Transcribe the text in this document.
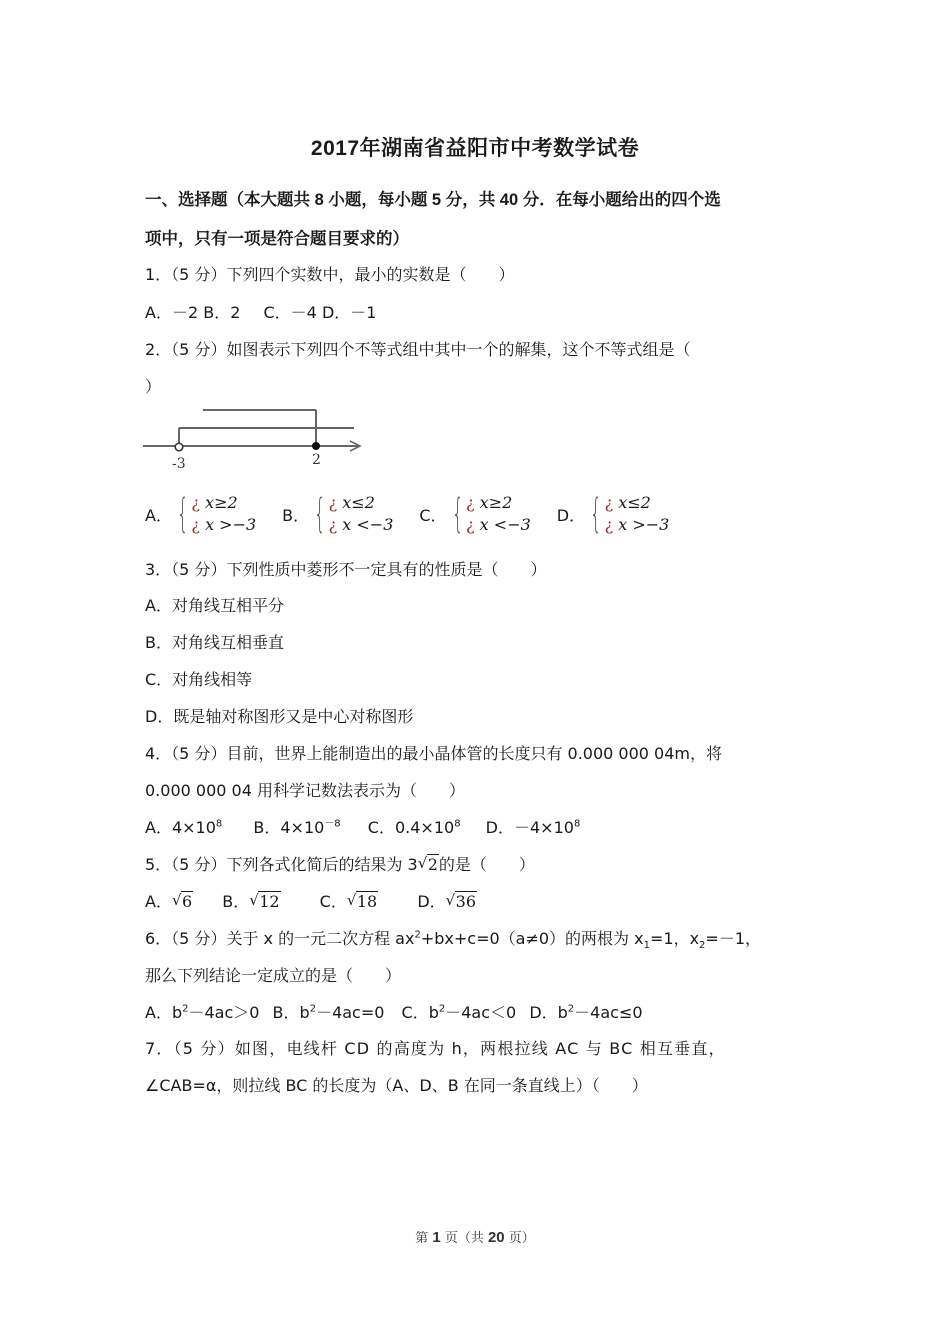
2017年湖南省益阳市中考数学试卷
一、选择题（本大题共 8 小题，每小题 5 分，共 40 分．在每小题给出的四个选
项中，只有一项是符合题目要求的）
1．（5 分）下列四个实数中，最小的实数是（　　）
A．－2 B．2 C．－4 D．－1
2．（5 分）如图表示下列四个不等式组中其中一个的解集，这个不等式组是（
）
-3	2
A． { ¿ x≥2
¿ x >−3 B． { ¿ x≤2
¿ x <−3 C． { ¿ x≥2
¿ x <−3 D． { ¿ x≤2
¿ x >−3
3．（5 分）下列性质中菱形不一定具有的性质是（　　）
A．对角线互相平分
B．对角线互相垂直
C．对角线相等
D．既是轴对称图形又是中心对称图形
4．（5 分）目前，世界上能制造出的最小晶体管的长度只有 0.000 000 04m，将
0.000 000 04 用科学记数法表示为（　　）
A．$4\times 10^8$ B．$4\times 10^{-8}$ C．$0.4\times 10^8$ D．$-4\times 10^8$
5．（5 分）下列各式化简后的结果为 3 √ 2的是（　　）
A． √ 6 B． √ 12	C． √ 18	D． √ 36
6．（5 分）关于 x 的一元二次方程 $ax^2+bx+c=0(a\ne 0)$的两根为 $x_1=1$，$x_2=-1$，
那么下列结论一定成立的是（　　）
A．$b^2-4ac>0$ B．$b^2-4ac=0$ C．$b^2-4ac<0$ D．$b^2-4ac\le 0$
7．（5 分）如图，电线杆 CD 的高度为 h，两根拉线 AC 与 BC 相互垂直，
∠CAB=α，则拉线 BC 的长度为（A、D、B 在同一条直线上）（　　）
第 1 页（共 20 页）
